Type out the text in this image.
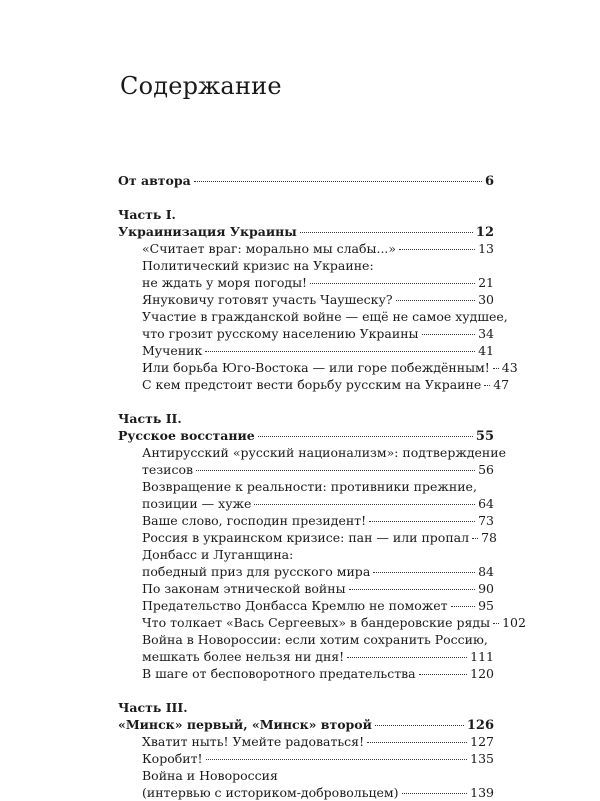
Содержание
От автора	6
Часть I.
Украинизация Украины	12
«Считает враг: морально мы слабы...»	13
Политический кризис на Украине:
не ждать у моря погоды!	21
Януковичу готовят участь Чаушеску?	30
Участие в гражданской войне — ещё не самое худшее,
что грозит русскому населению Украины	34
Мученик	41
Или борьба Юго-Востока — или горе побеждённым! 43
С кем предстоит вести борьбу русским на Украине 47
Часть II.
Русское восстание	55
Антирусский «русский национализм»: подтверждение
тезисов	56
Возвращение к реальности: противники прежние,
позиции — хуже	64
Ваше слово, господин президент!	73
Россия в украинском кризисе: пан — или пропал 78
Донбасс и Луганщина:
победный приз для русского мира	84
По законам этнической войны	90
Предательство Донбасса Кремлю не поможет 95
Что толкает «Вась Сергеевых» в бандеровские ряды 102
Война в Новороссии: если хотим сохранить Россию,
мешкать более нельзя ни дня!	111
В шаге от бесповоротного предательства	120
Часть III.
«Минск» первый, «Минск» второй	126
Хватит ныть! Умейте радоваться!	127
Коробит!	135
Война и Новороссия
(интервью с историком-добровольцем)	139
